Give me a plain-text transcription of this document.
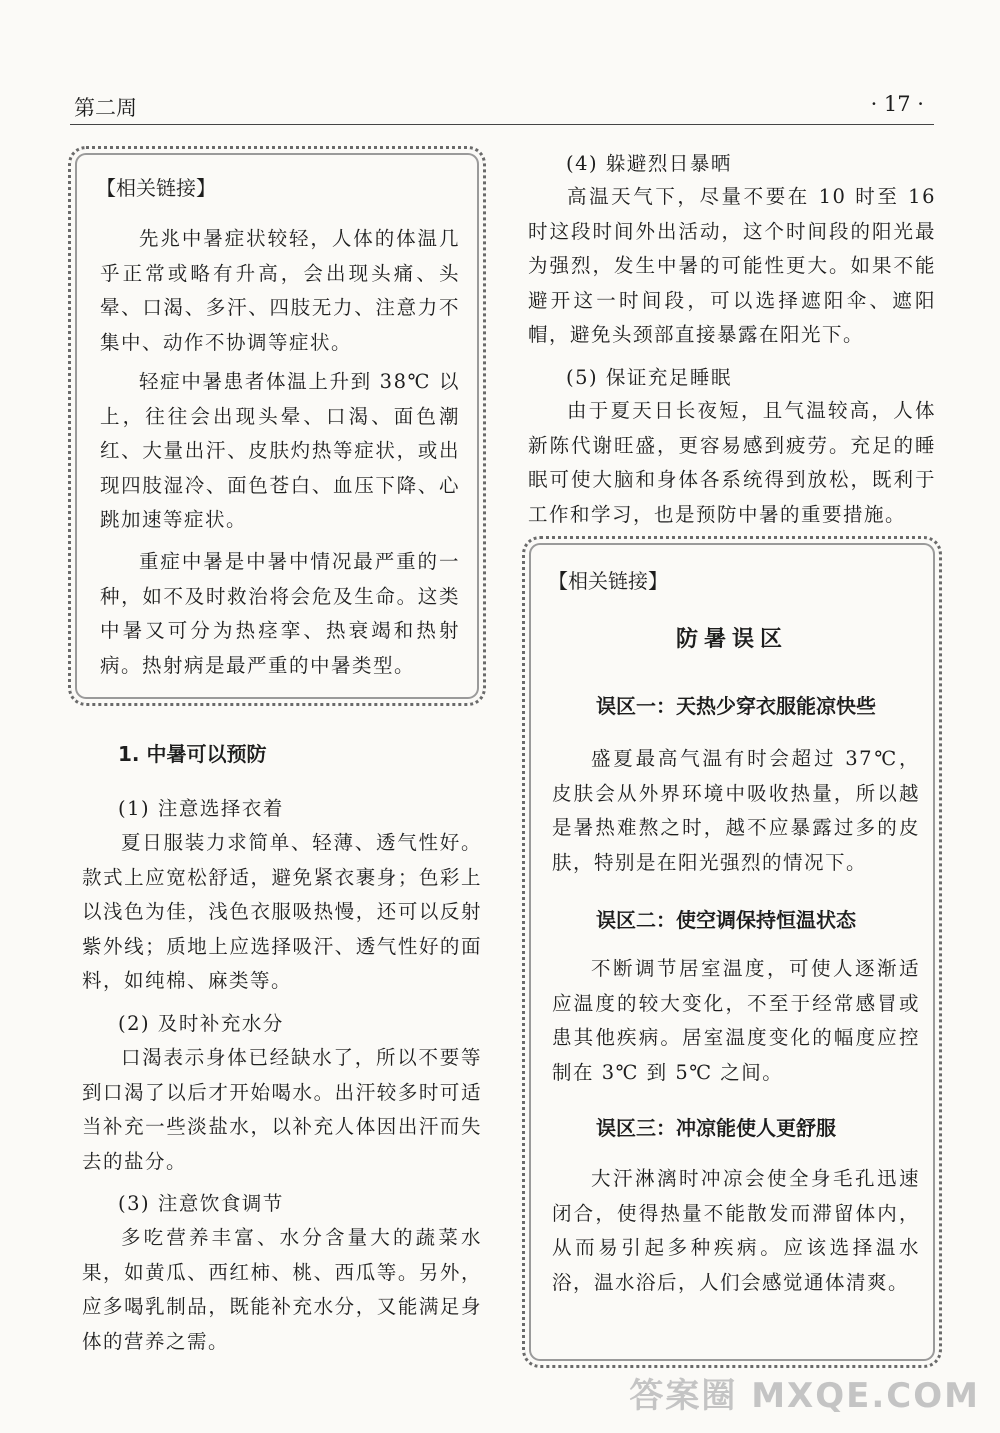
第二周	· 17 ·
【相关链接】

先兆中暑症状较轻，人体的体温几乎正常或略有升高，会出现头痛、头晕、口渴、多汗、四肢无力、注意力不集中、动作不协调等症状。

轻症中暑患者体温上升到 38℃ 以上，往往会出现头晕、口渴、面色潮红、大量出汗、皮肤灼热等症状，或出现四肢湿冷、面色苍白、血压下降、心跳加速等症状。

重症中暑是中暑中情况最严重的一种，如不及时救治将会危及生命。这类中暑又可分为热痉挛、热衰竭和热射病。热射病是最严重的中暑类型。

1. 中暑可以预防
(1) 注意选择衣着

夏日服装力求简单、轻薄、透气性好。款式上应宽松舒适，避免紧衣裹身；色彩上以浅色为佳，浅色衣服吸热慢，还可以反射紫外线；质地上应选择吸汗、透气性好的面料，如纯棉、麻类等。

(2) 及时补充水分

口渴表示身体已经缺水了，所以不要等到口渴了以后才开始喝水。出汗较多时可适当补充一些淡盐水，以补充人体因出汗而失去的盐分。

(3) 注意饮食调节

多吃营养丰富、水分含量大的蔬菜水果，如黄瓜、西红柿、桃、西瓜等。另外，应多喝乳制品，既能补充水分，又能满足身体的营养之需。

(4) 躲避烈日暴晒

高温天气下，尽量不要在 10 时至 16 时这段时间外出活动，这个时间段的阳光最为强烈，发生中暑的可能性更大。如果不能避开这一时间段，可以选择遮阳伞、遮阳帽，避免头颈部直接暴露在阳光下。

(5) 保证充足睡眠

由于夏天日长夜短，且气温较高，人体新陈代谢旺盛，更容易感到疲劳。充足的睡眠可使大脑和身体各系统得到放松，既利于工作和学习，也是预防中暑的重要措施。

【相关链接】
防暑误区
误区一：天热少穿衣服能凉快些

盛夏最高气温有时会超过 37℃，皮肤会从外界环境中吸收热量，所以越是暑热难熬之时，越不应暴露过多的皮肤，特别是在阳光强烈的情况下。

误区二：使空调保持恒温状态

不断调节居室温度，可使人逐渐适应温度的较大变化，不至于经常感冒或患其他疾病。居室温度变化的幅度应控制在 3℃ 到 5℃ 之间。

误区三：冲凉能使人更舒服

大汗淋漓时冲凉会使全身毛孔迅速闭合，使得热量不能散发而滞留体内，从而易引起多种疾病。应该选择温水浴，温水浴后，人们会感觉通体清爽。

答案圈 MXQE.COM
